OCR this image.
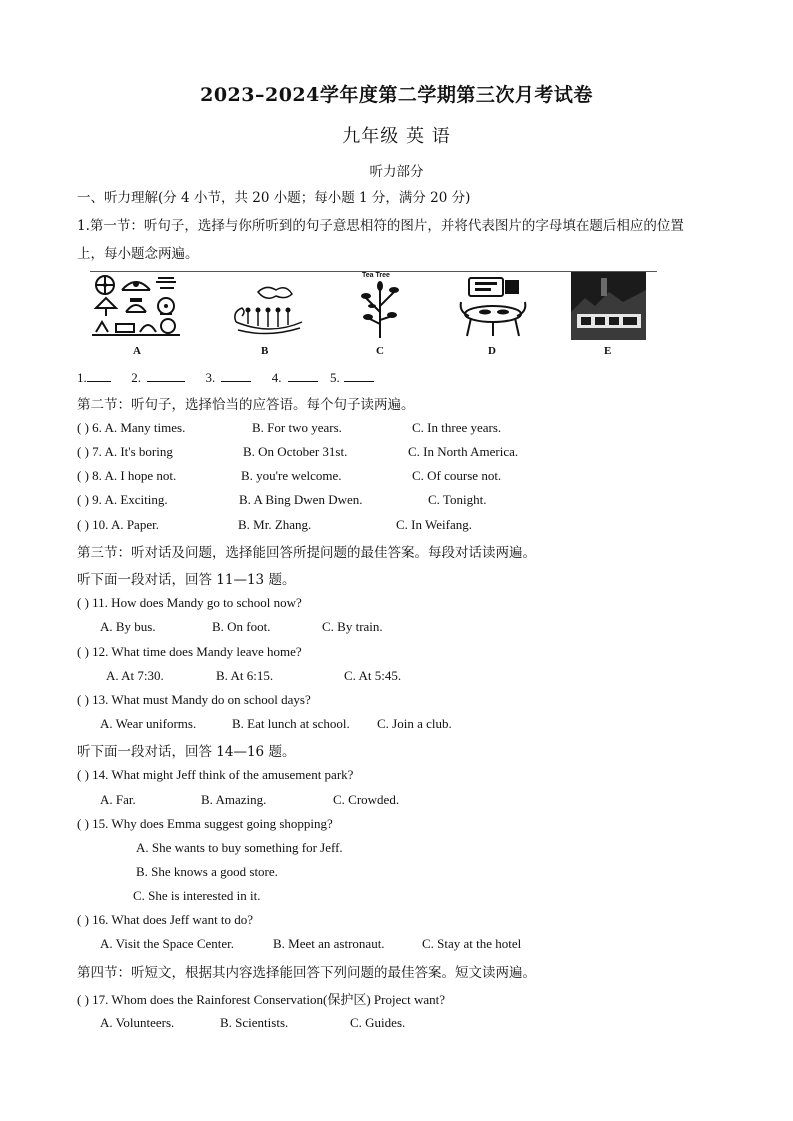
2023–2024学年度第二学期第三次月考试卷
九年级 英 语
听力部分
一、听力理解(分 4 小节，共 20 小题；每小题 1 分，满分 20 分)
1.第一节：听句子，选择与你所听到的句子意思相符的图片，并将代表图片的字母填在题后相应的位置
上，每小题念两遍。
A	B
Tea Tree
C	D	E
1.	2.	3.	4.	5.
第二节：听句子，选择恰当的应答语。每个句子读两遍。
( ) 6. A. Many times.	B. For two years.	C. In three years.
( ) 7. A. It's boring	B. On October 31st.	C. In North America.
( ) 8. A. I hope not.	B. you're welcome.	C. Of course not.
( ) 9. A. Exciting.	B. A Bing Dwen Dwen.	C. Tonight.
( ) 10. A. Paper.	B. Mr. Zhang.	C. In Weifang.
第三节：听对话及问题，选择能回答所提问题的最佳答案。每段对话读两遍。
听下面一段对话，回答 11—13 题。
( ) 11. How does Mandy go to school now?
A. By bus.	B. On foot.	C. By train.
( ) 12. What time does Mandy leave home?
A. At 7:30.	B. At 6:15.	C. At 5:45.
( ) 13. What must Mandy do on school days?
A. Wear uniforms.	B. Eat lunch at school. C. Join a club.
听下面一段对话，回答 14—16 题。
( ) 14. What might Jeff think of the amusement park?
A. Far.	B. Amazing.	C. Crowded.
( ) 15. Why does Emma suggest going shopping?
A. She wants to buy something for Jeff.
B. She knows a good store.
C. She is interested in it.
( ) 16. What does Jeff want to do?
A. Visit the Space Center.	B. Meet an astronaut.	C. Stay at the hotel
第四节：听短文，根据其内容选择能回答下列问题的最佳答案。短文读两遍。
( ) 17. Whom does the Rainforest Conservation(保护区) Project want?
A. Volunteers.	B. Scientists.	C. Guides.
